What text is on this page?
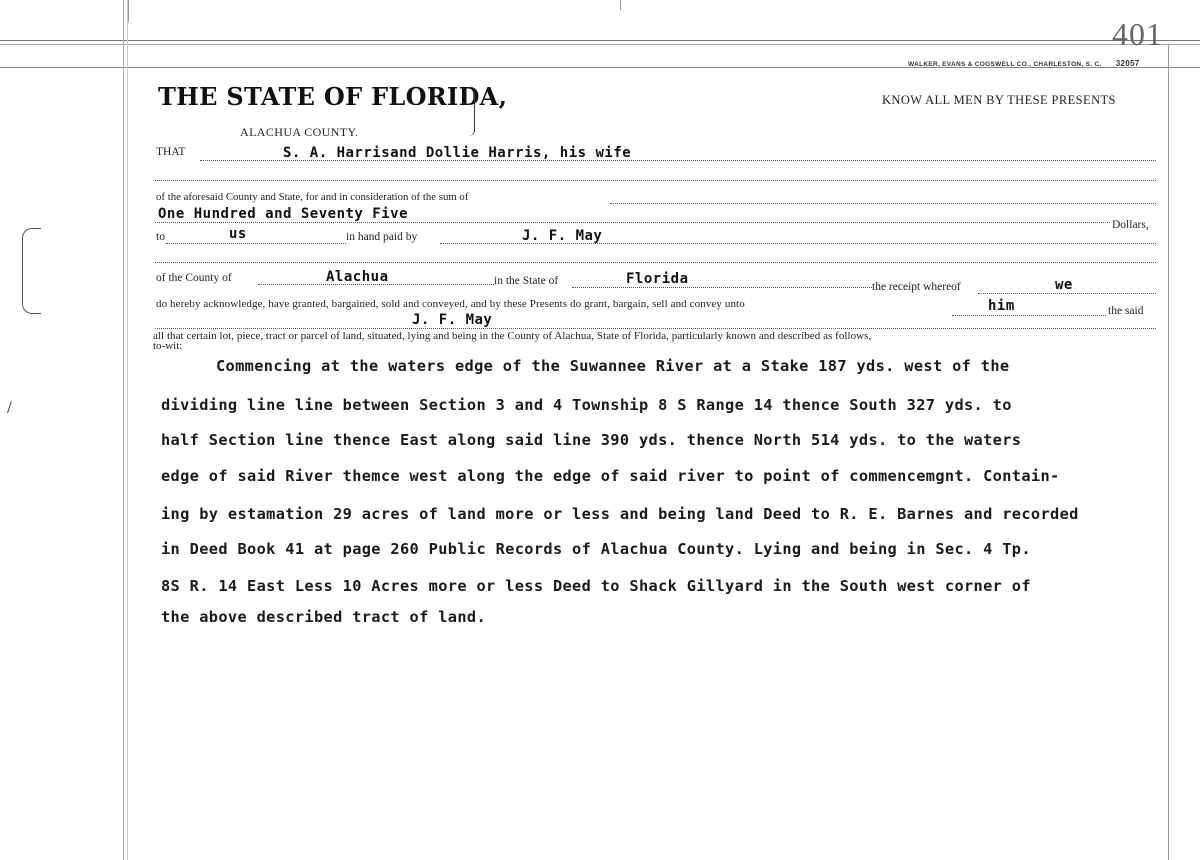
/
401
WALKER, EVANS & COGSWELL CO., CHARLESTON, S. C. 32057
THE STATE OF FLORIDA,	KNOW ALL MEN BY THESE PRESENTS
ALACHUA COUNTY.
THAT	S. A. Harrisand Dollie Harris, his wife
of the aforesaid County and State, for and in consideration of the sum of
One Hundred and Seventy Five
Dollars,
to	us	in hand paid by	J. F. May
of the County of	Alachua	in the State of	Florida	the receipt whereof	we
do hereby acknowledge, have granted, bargained, sold and conveyed, and by these Presents do grant, bargain, sell and convey unto	him	the said
J. F. May
all that certain lot, piece, tract or parcel of land, situated, lying and being in the County of Alachua, State of Florida, particularly known and described as follows,
to-wit:
Commencing at the waters edge of the Suwannee River at a Stake 187 yds. west of the
dividing line line between Section 3 and 4 Township 8 S Range 14 thence South 327 yds. to
half Section line thence East along said line 390 yds. thence North 514 yds. to the waters
edge of said River themce west along the edge of said river to point of commencemgnt. Contain-
ing by estamation 29 acres of land more or less and being land Deed to R. E. Barnes and recorded
in Deed Book 41 at page 260 Public Records of Alachua County. Lying and being in Sec. 4 Tp.
8S R. 14 East Less 10 Acres more or less Deed to Shack Gillyard in the South west corner of
the above described tract of land.
